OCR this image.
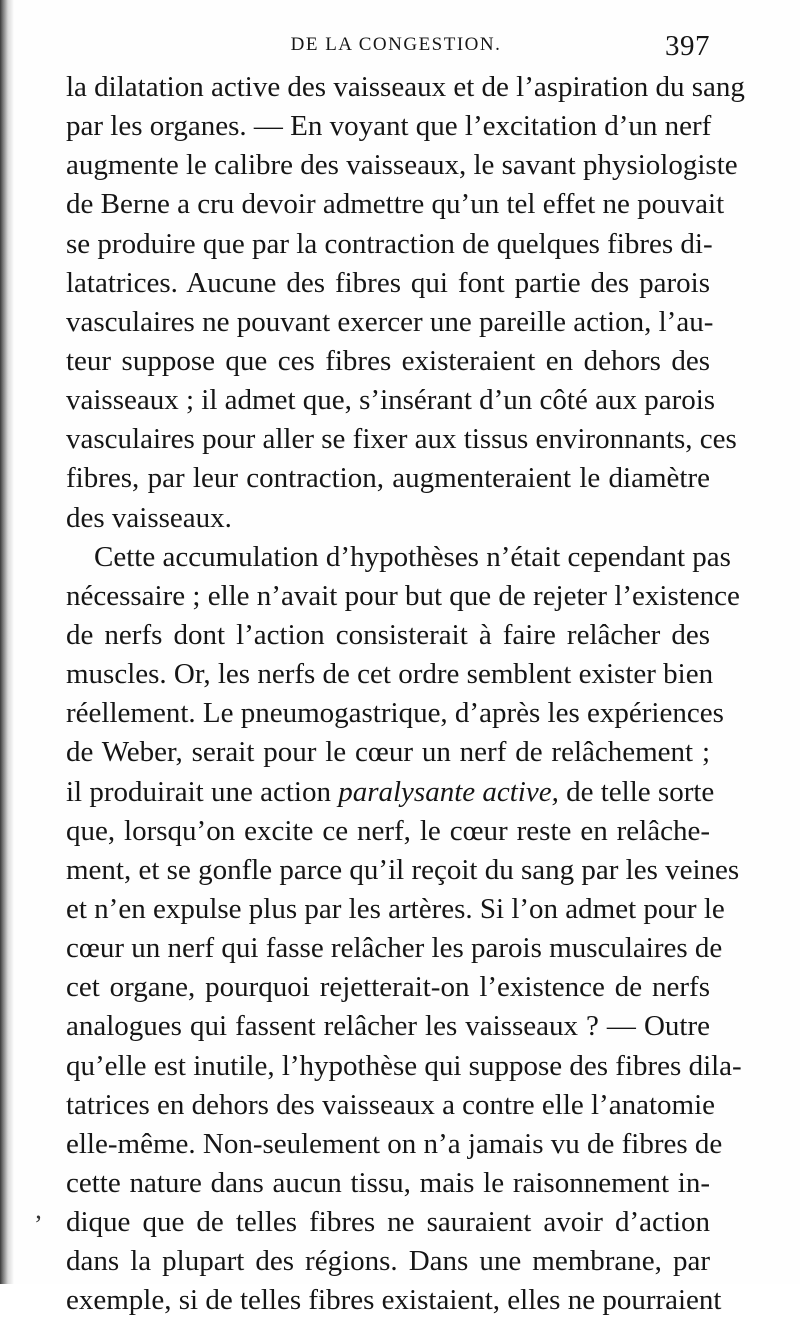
DE LA CONGESTION.	397
la dilatation active des vaisseaux et de l’aspiration du sang
par les organes. — En voyant que l’excitation d’un nerf
augmente le calibre des vaisseaux, le savant physiologiste
de Berne a cru devoir admettre qu’un tel effet ne pouvait
se produire que par la contraction de quelques fibres di-
latatrices. Aucune des fibres qui font partie des parois
vasculaires ne pouvant exercer une pareille action, l’au-
teur suppose que ces fibres existeraient en dehors des
vaisseaux ; il admet que, s’insérant d’un côté aux parois
vasculaires pour aller se fixer aux tissus environnants, ces
fibres, par leur contraction, augmenteraient le diamètre
des vaisseaux.
Cette accumulation d’hypothèses n’était cependant pas
nécessaire ; elle n’avait pour but que de rejeter l’existence
de nerfs dont l’action consisterait à faire relâcher des
muscles. Or, les nerfs de cet ordre semblent exister bien
réellement. Le pneumogastrique, d’après les expériences
de Weber, serait pour le cœur un nerf de relâchement ;
il produirait une action paralysante active, de telle sorte
que, lorsqu’on excite ce nerf, le cœur reste en relâche-
ment, et se gonfle parce qu’il reçoit du sang par les veines
et n’en expulse plus par les artères. Si l’on admet pour le
cœur un nerf qui fasse relâcher les parois musculaires de
cet organe, pourquoi rejetterait-on l’existence de nerfs
analogues qui fassent relâcher les vaisseaux ? — Outre
qu’elle est inutile, l’hypothèse qui suppose des fibres dila-
tatrices en dehors des vaisseaux a contre elle l’anatomie
elle-même. Non-seulement on n’a jamais vu de fibres de
cette nature dans aucun tissu, mais le raisonnement in-
dique que de telles fibres ne sauraient avoir d’action
dans la plupart des régions. Dans une membrane, par
exemple, si de telles fibres existaient, elles ne pourraient
’
